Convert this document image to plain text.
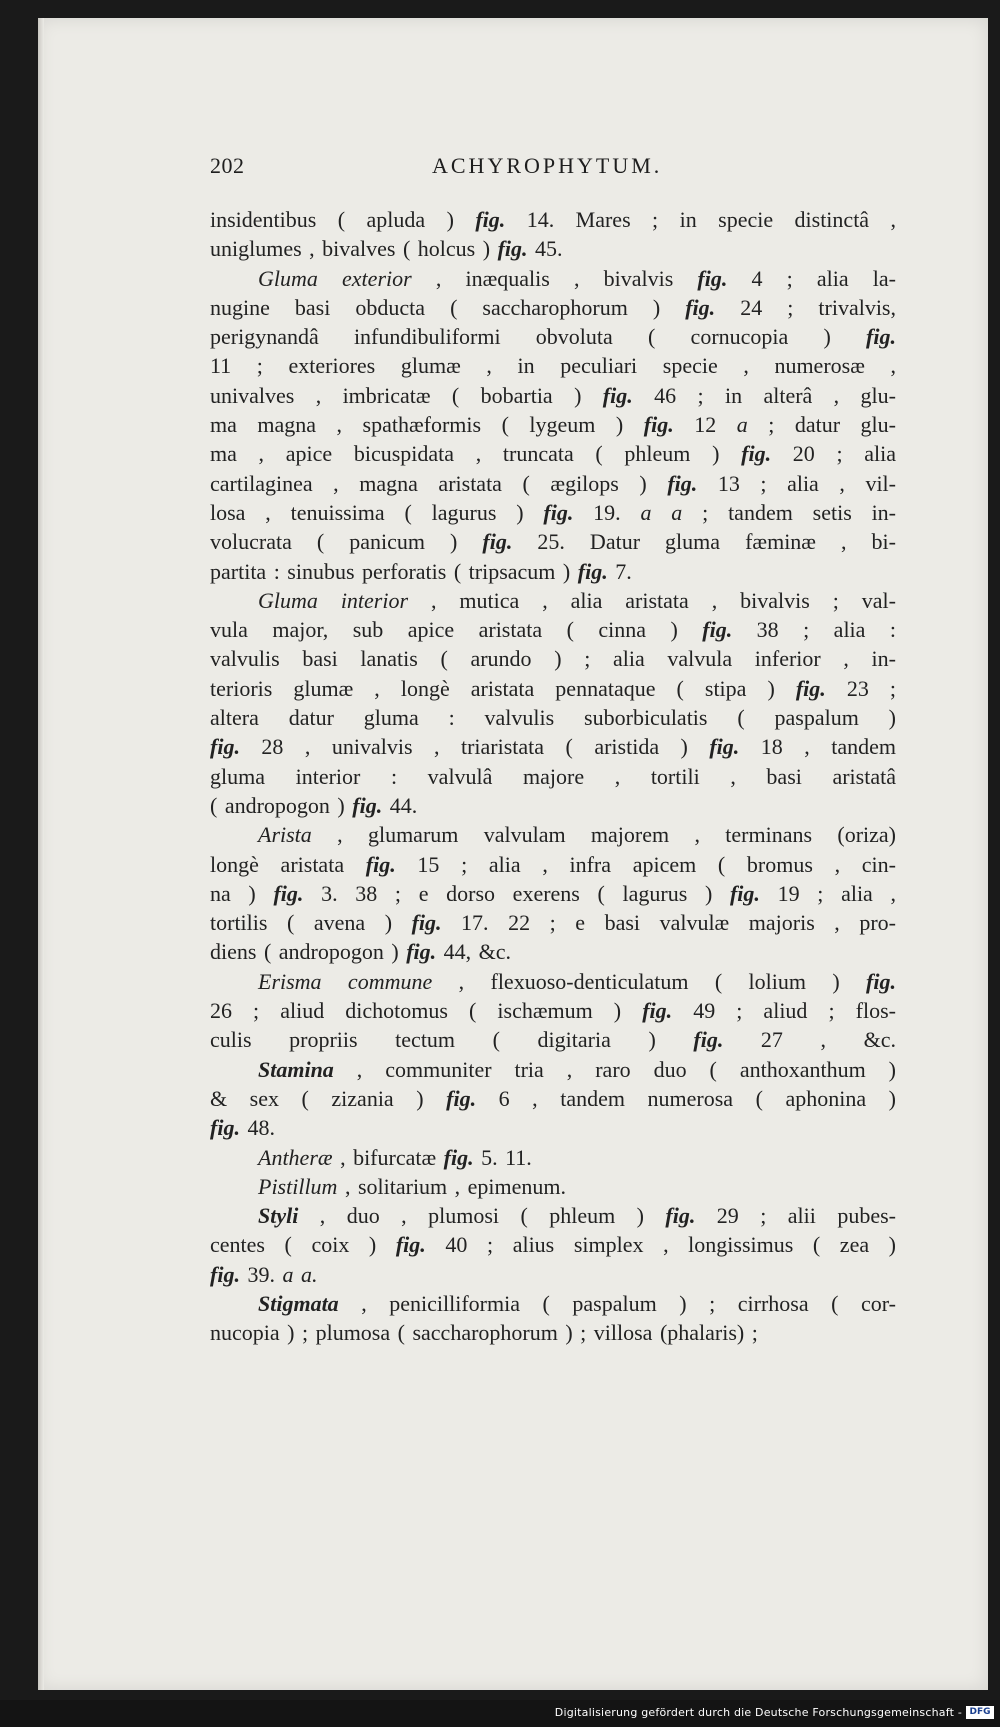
202	ACHYROPHYTUM.
insidentibus ( apluda ) fig. 14. Mares ; in specie distinctâ ,
uniglumes , bivalves ( holcus ) fig. 45.
Gluma exterior , inæqualis , bivalvis fig. 4 ; alia la-
nugine basi obducta ( saccharophorum ) fig. 24 ; trivalvis,
perigynandâ infundibuliformi obvoluta ( cornucopia ) fig.
11 ; exteriores glumæ , in peculiari specie , numerosæ ,
univalves , imbricatæ ( bobartia ) fig. 46 ; in alterâ , glu-
ma magna , spathæformis ( lygeum ) fig. 12 a ; datur glu-
ma , apice bicuspidata , truncata ( phleum ) fig. 20 ; alia
cartilaginea , magna aristata ( ægilops ) fig. 13 ; alia , vil-
losa , tenuissima ( lagurus ) fig. 19. a a ; tandem setis in-
volucrata ( panicum ) fig. 25. Datur gluma fæminæ , bi-
partita : sinubus perforatis ( tripsacum ) fig. 7.
Gluma interior , mutica , alia aristata , bivalvis ; val-
vula major, sub apice aristata ( cinna ) fig. 38 ; alia :
valvulis basi lanatis ( arundo ) ; alia valvula inferior , in-
terioris glumæ , longè aristata pennataque ( stipa ) fig. 23 ;
altera datur gluma : valvulis suborbiculatis ( paspalum )
fig. 28 , univalvis , triaristata ( aristida ) fig. 18 , tandem
gluma interior : valvulâ majore , tortili , basi aristatâ
( andropogon ) fig. 44.
Arista , glumarum valvulam majorem , terminans (oriza)
longè aristata fig. 15 ; alia , infra apicem ( bromus , cin-
na ) fig. 3. 38 ; e dorso exerens ( lagurus ) fig. 19 ; alia ,
tortilis ( avena ) fig. 17. 22 ; e basi valvulæ majoris , pro-
diens ( andropogon ) fig. 44, &c.
Erisma commune , flexuoso-denticulatum ( lolium ) fig.
26 ; aliud dichotomus ( ischæmum ) fig. 49 ; aliud ; flos-
culis propriis tectum ( digitaria ) fig. 27 , &c.
Stamina , communiter tria , raro duo ( anthoxanthum )
& sex ( zizania ) fig. 6 , tandem numerosa ( aphonina )
fig. 48.
Antheræ , bifurcatæ fig. 5. 11.
Pistillum , solitarium , epimenum.
Styli , duo , plumosi ( phleum ) fig. 29 ; alii pubes-
centes ( coix ) fig. 40 ; alius simplex , longissimus ( zea )
fig. 39. a a.
Stigmata , penicilliformia ( paspalum ) ; cirrhosa ( cor-
nucopia ) ; plumosa ( saccharophorum ) ; villosa (phalaris) ;
Digitalisierung gefördert durch die Deutsche Forschungsgemeinschaft - DFG
